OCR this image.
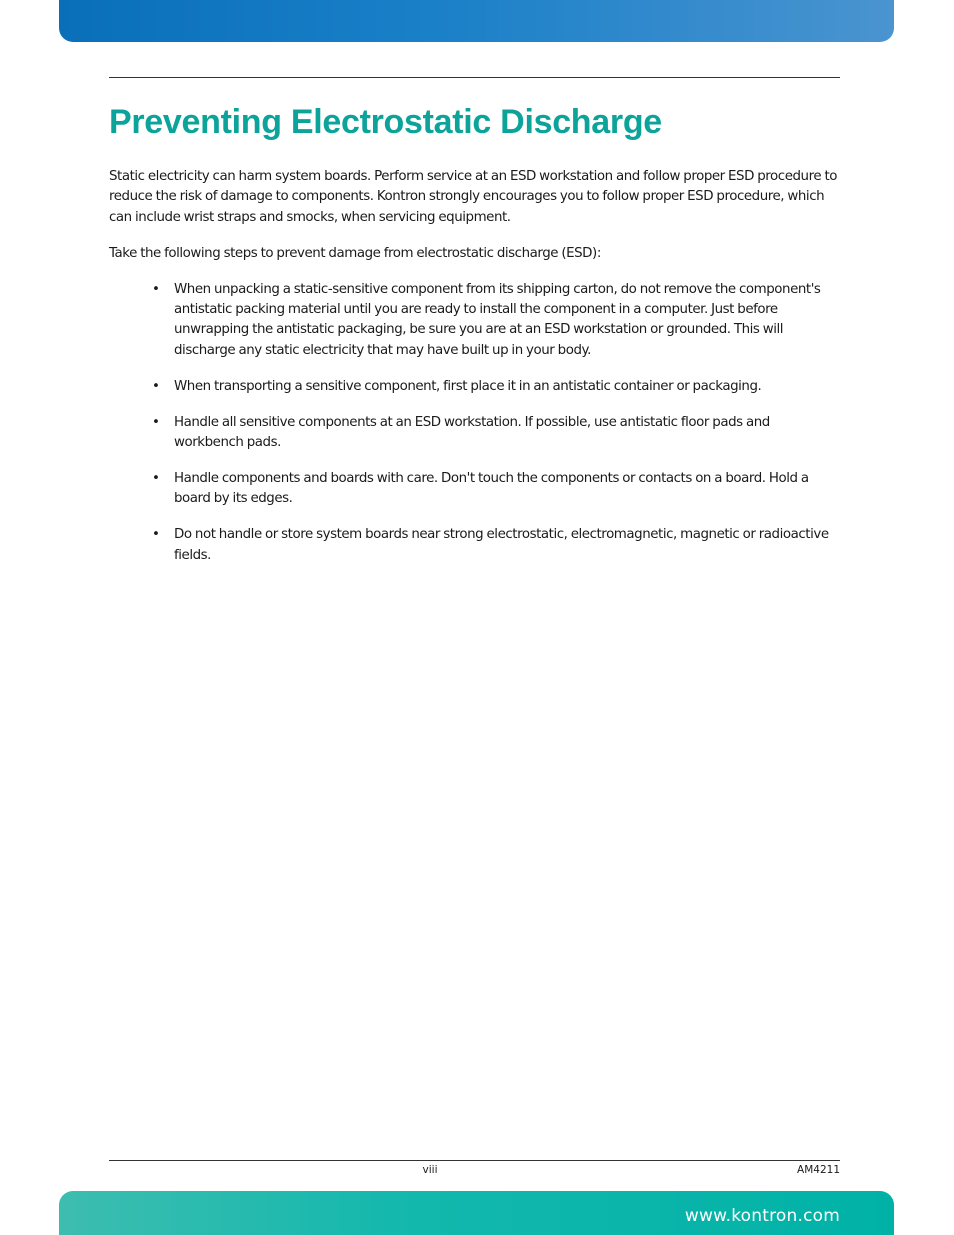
Preventing Electrostatic Discharge

Static electricity can harm system boards. Perform service at an ESD workstation and follow proper ESD procedure to reduce the risk of damage to components. Kontron strongly encourages you to follow proper ESD procedure, which can include wrist straps and smocks, when servicing equipment.

Take the following steps to prevent damage from electrostatic discharge (ESD):

• When unpacking a static-sensitive component from its shipping carton, do not remove the component's antistatic packing material until you are ready to install the component in a computer. Just before unwrapping the antistatic packaging, be sure you are at an ESD workstation or grounded. This will discharge any static electricity that may have built up in your body.
• When transporting a sensitive component, first place it in an antistatic container or packaging.
• Handle all sensitive components at an ESD workstation. If possible, use antistatic floor pads and workbench pads.
• Handle components and boards with care. Don't touch the components or contacts on a board. Hold a board by its edges.
• Do not handle or store system boards near strong electrostatic, electromagnetic, magnetic or radioactive fields.
viii	AM4211
www.kontron.com
